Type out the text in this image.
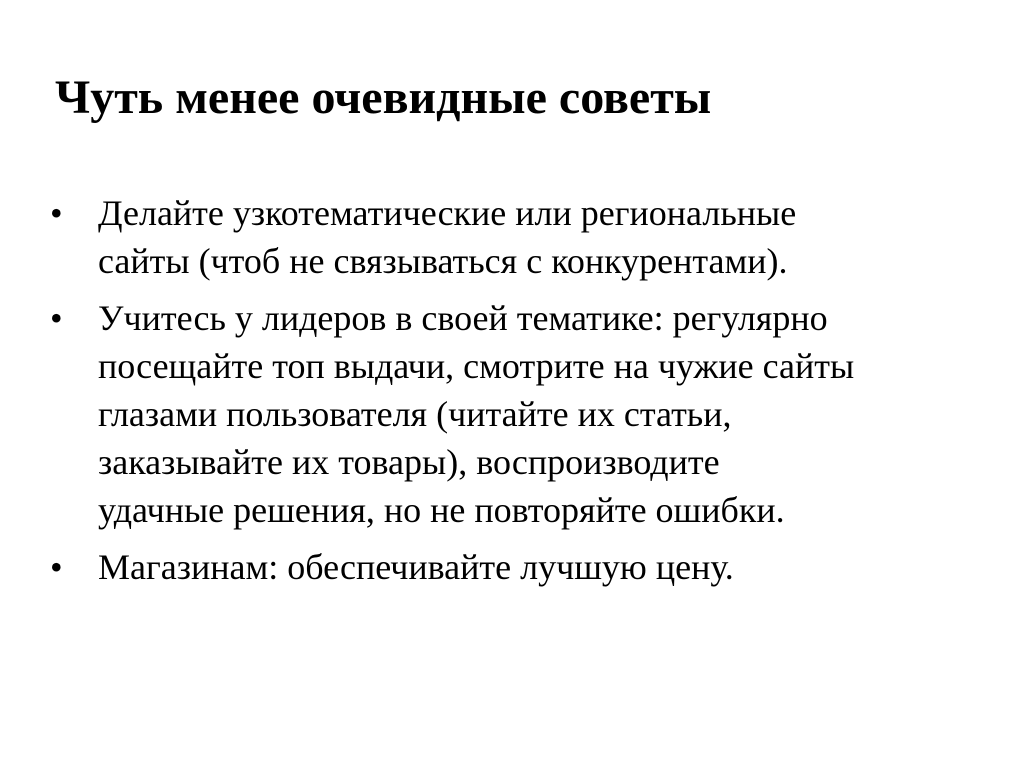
Чуть менее очевидные советы
• Делайте узкотематические или региональные
сайты (чтоб не связываться с конкурентами).
• Учитесь у лидеров в своей тематике: регулярно
посещайте топ выдачи, смотрите на чужие сайты
глазами пользователя (читайте их статьи,
заказывайте их товары), воспроизводите
удачные решения, но не повторяйте ошибки.
• Магазинам: обеспечивайте лучшую цену.
